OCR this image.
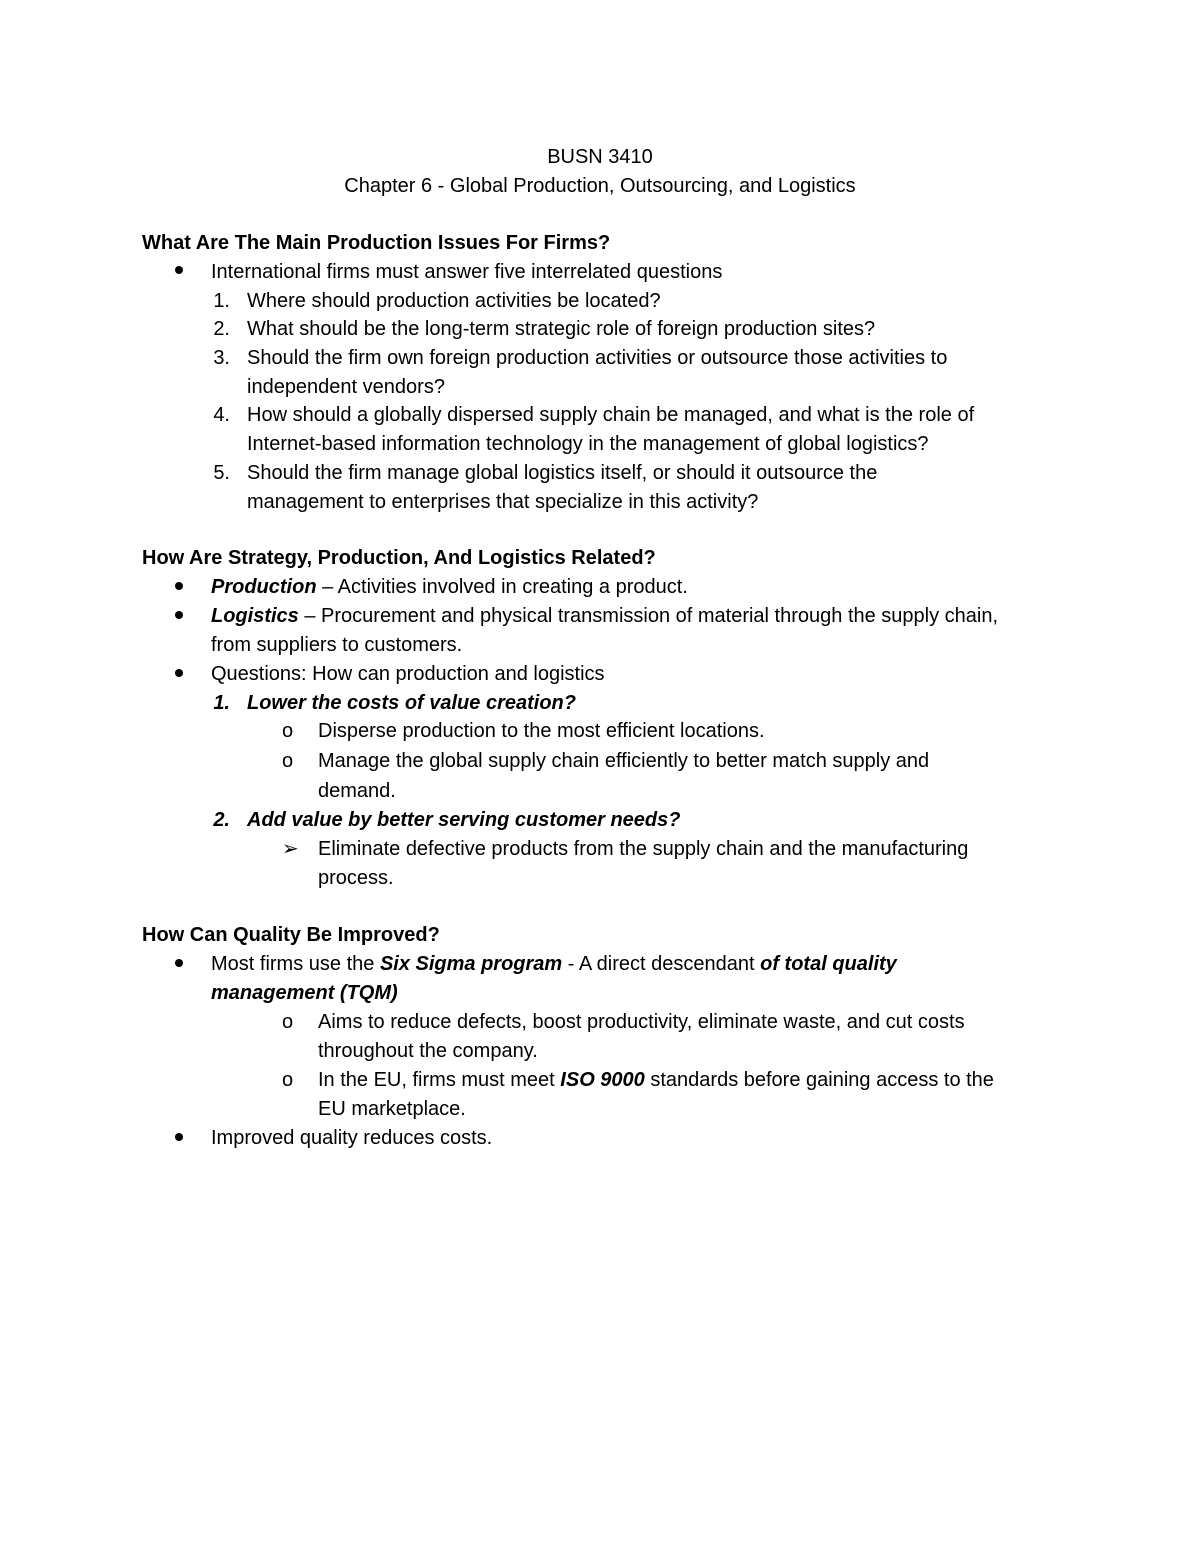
BUSN 3410
Chapter 6 - Global Production, Outsourcing, and Logistics
What Are The Main Production Issues For Firms?
International firms must answer five interrelated questions
1. Where should production activities be located?
2. What should be the long-term strategic role of foreign production sites?
3. Should the firm own foreign production activities or outsource those activities to
independent vendors?
4. How should a globally dispersed supply chain be managed, and what is the role of
Internet-based information technology in the management of global logistics?
5. Should the firm manage global logistics itself, or should it outsource the
management to enterprises that specialize in this activity?
How Are Strategy, Production, And Logistics Related?
Production – Activities involved in creating a product.
Logistics – Procurement and physical transmission of material through the supply chain,
from suppliers to customers.
Questions: How can production and logistics
1. Lower the costs of value creation?
o	Disperse production to the most efficient locations.
o	Manage the global supply chain efficiently to better match supply and
demand.
2. Add value by better serving customer needs?
➢ Eliminate defective products from the supply chain and the manufacturing
process.
How Can Quality Be Improved?
Most firms use the Six Sigma program - A direct descendant of total quality
management (TQM)
o	Aims to reduce defects, boost productivity, eliminate waste, and cut costs
throughout the company.
o	In the EU, firms must meet ISO 9000 standards before gaining access to the
EU marketplace.
Improved quality reduces costs.
